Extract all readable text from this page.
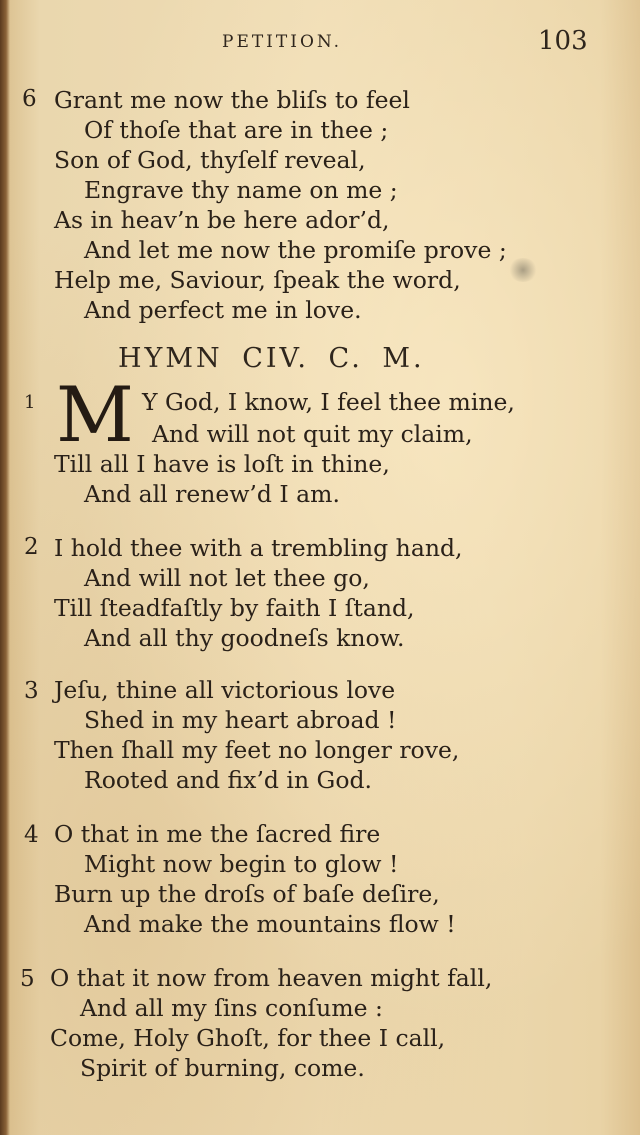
PETITION.	103
6 Grant me now the bliſs to feel
Of thoſe that are in thee ;
Son of God, thyſelf reveal,
Engrave thy name on me ;
As in heav’n be here ador’d,
And let me now the promiſe prove ;
Help me, Saviour, ſpeak the word,
And perfect me in love.
HYMN CIV. C. M.
1 M Y God, I know, I feel thee mine,
And will not quit my claim,
Till all I have is loſt in thine,
And all renew’d I am.
2 I hold thee with a trembling hand,
And will not let thee go,
Till ſteadfaſtly by faith I ſtand,
And all thy goodneſs know.
3 Jeſu, thine all victorious love
Shed in my heart abroad !
Then ſhall my feet no longer rove,
Rooted and fix’d in God.
4 O that in me the ſacred fire
Might now begin to glow !
Burn up the droſs of baſe deſire,
And make the mountains flow !
5 O that it now from heaven might fall,
And all my ſins conſume :
Come, Holy Ghoſt, for thee I call,
Spirit of burning, come.
